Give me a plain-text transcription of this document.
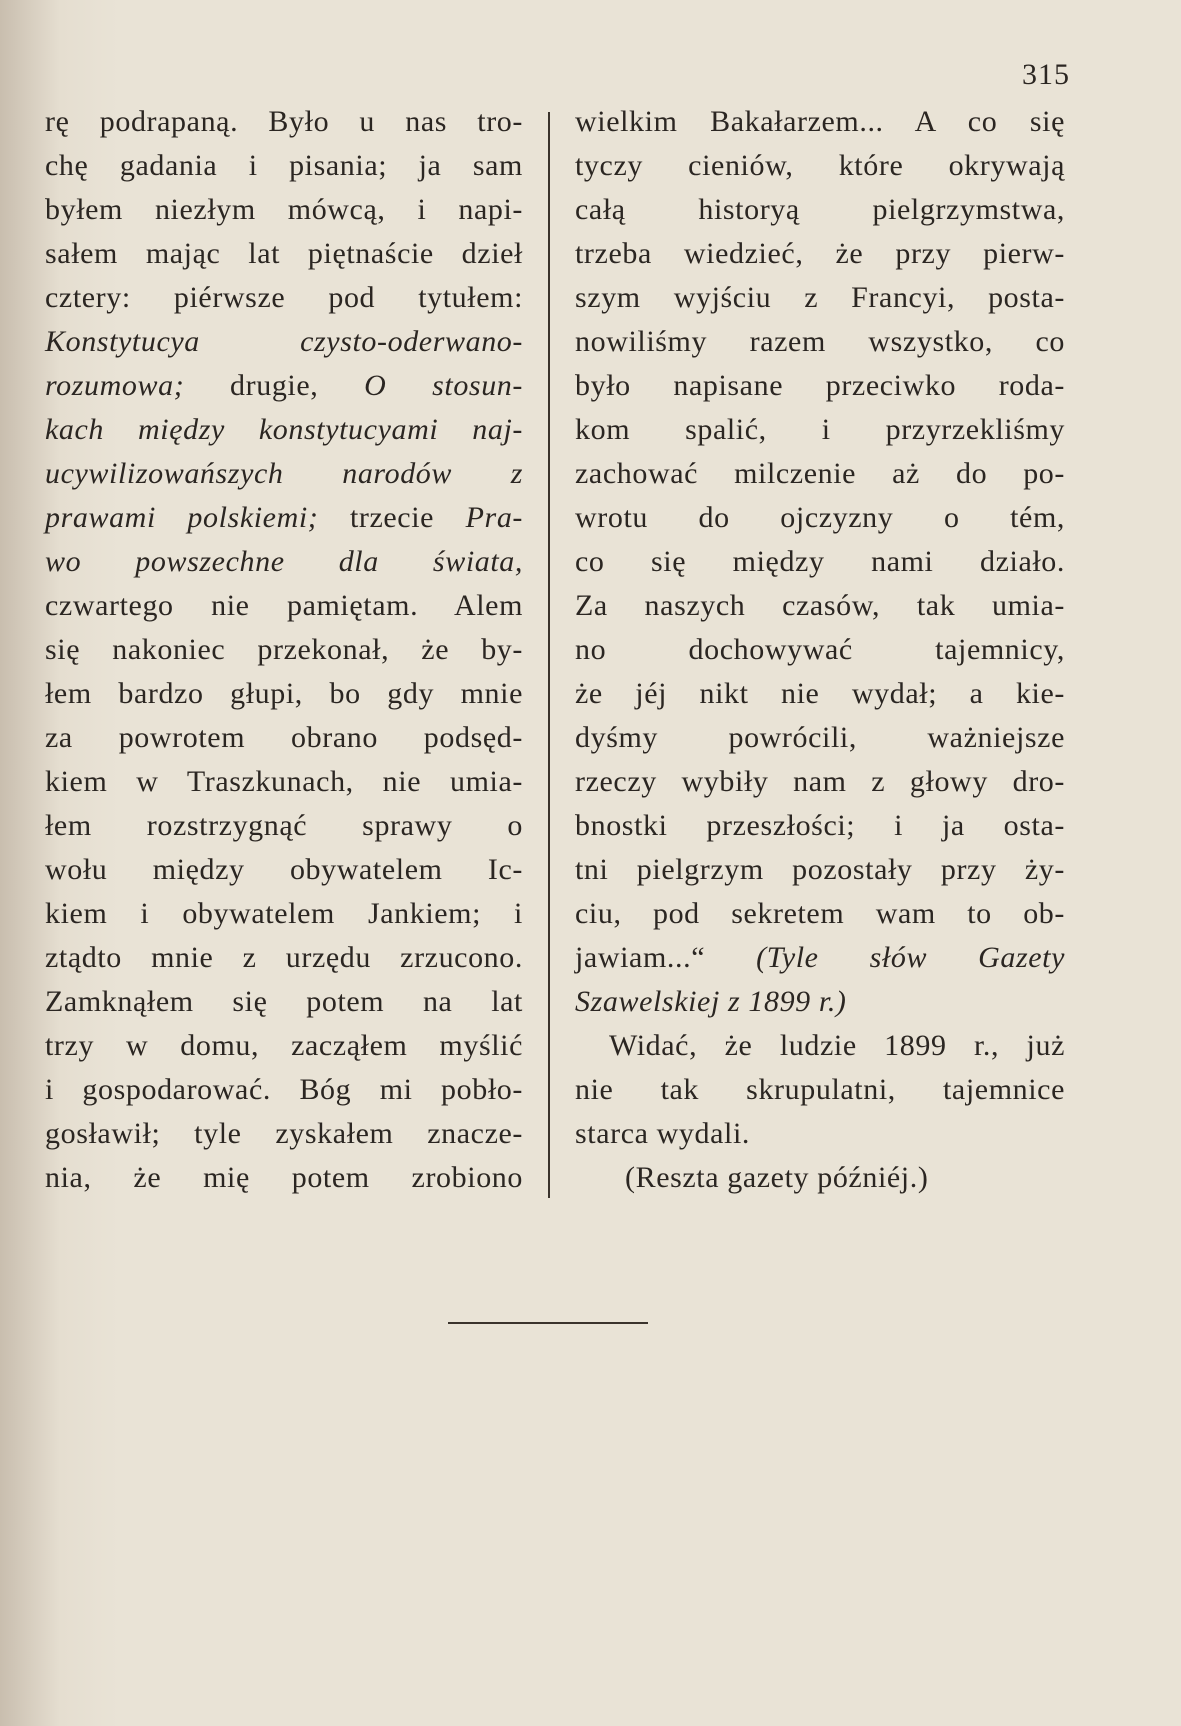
315
rę podrapaną. Było u nas tro-
chę gadania i pisania; ja sam
byłem niezłym mówcą, i napi-
sałem mając lat piętnaście dzieł
cztery: piérwsze pod tytułem:
Konstytucya czysto-oderwano-
rozumowa; drugie, O stosun-
kach między konstytucyami naj-
ucywilizowańszych narodów z
prawami polskiemi; trzecie Pra-
wo powszechne dla świata,
czwartego nie pamiętam. Alem
się nakoniec przekonał, że by-
łem bardzo głupi, bo gdy mnie
za powrotem obrano podsęd-
kiem w Traszkunach, nie umia-
łem rozstrzygnąć sprawy o
wołu między obywatelem Ic-
kiem i obywatelem Jankiem; i
ztądto mnie z urzędu zrzucono.
Zamknąłem się potem na lat
trzy w domu, zacząłem myślić
i gospodarować. Bóg mi pobło-
gosławił; tyle zyskałem znacze-
nia, że mię potem zrobiono
wielkim Bakałarzem... A co się
tyczy cieniów, które okrywają
całą historyą pielgrzymstwa,
trzeba wiedzieć, że przy pierw-
szym wyjściu z Francyi, posta-
nowiliśmy razem wszystko, co
było napisane przeciwko roda-
kom spalić, i przyrzekliśmy
zachować milczenie aż do po-
wrotu do ojczyzny o tém,
co się między nami działo.
Za naszych czasów, tak umia-
no dochowywać tajemnicy,
że jéj nikt nie wydał; a kie-
dyśmy powrócili, ważniejsze
rzeczy wybiły nam z głowy dro-
bnostki przeszłości; i ja osta-
tni pielgrzym pozostały przy ży-
ciu, pod sekretem wam to ob-
jawiam...“ (Tyle słów Gazety
Szawelskiej z 1899 r.)
Widać, że ludzie 1899 r., już
nie tak skrupulatni, tajemnice
starca wydali.
(Reszta gazety późniéj.)
